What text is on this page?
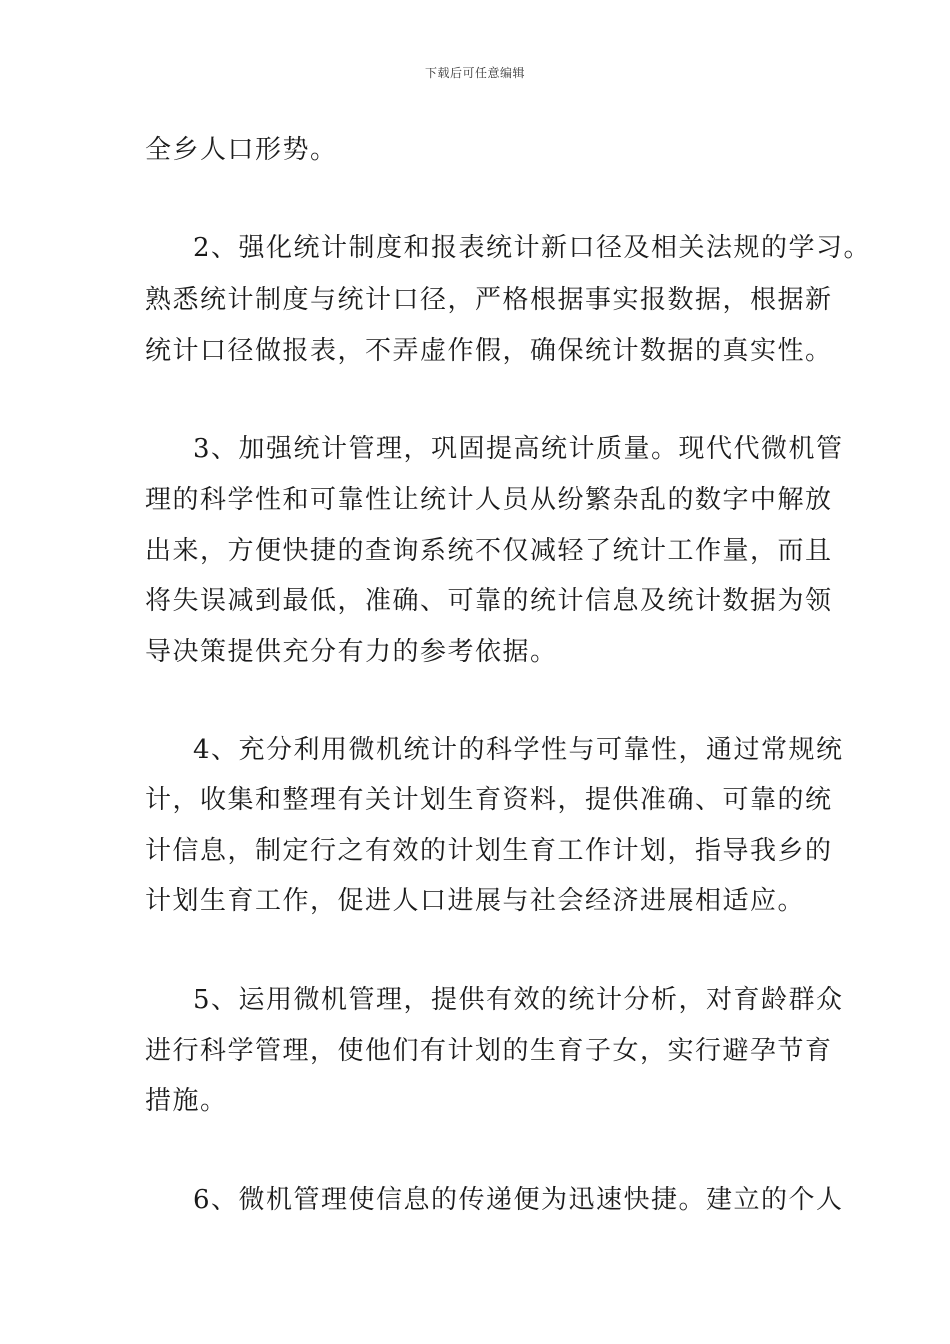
下载后可任意编辑
全乡人口形势。
2、强化统计制度和报表统计新口径及相关法规的学习。
熟悉统计制度与统计口径，严格根据事实报数据，根据新
统计口径做报表，不弄虚作假，确保统计数据的真实性。
3、加强统计管理，巩固提高统计质量。现代代微机管
理的科学性和可靠性让统计人员从纷繁杂乱的数字中解放
出来，方便快捷的查询系统不仅减轻了统计工作量，而且
将失误减到最低，准确、可靠的统计信息及统计数据为领
导决策提供充分有力的参考依据。
4、充分利用微机统计的科学性与可靠性，通过常规统
计，收集和整理有关计划生育资料，提供准确、可靠的统
计信息，制定行之有效的计划生育工作计划，指导我乡的
计划生育工作，促进人口进展与社会经济进展相适应。
5、运用微机管理，提供有效的统计分析，对育龄群众
进行科学管理，使他们有计划的生育子女，实行避孕节育
措施。
6、微机管理使信息的传递便为迅速快捷。建立的个人
